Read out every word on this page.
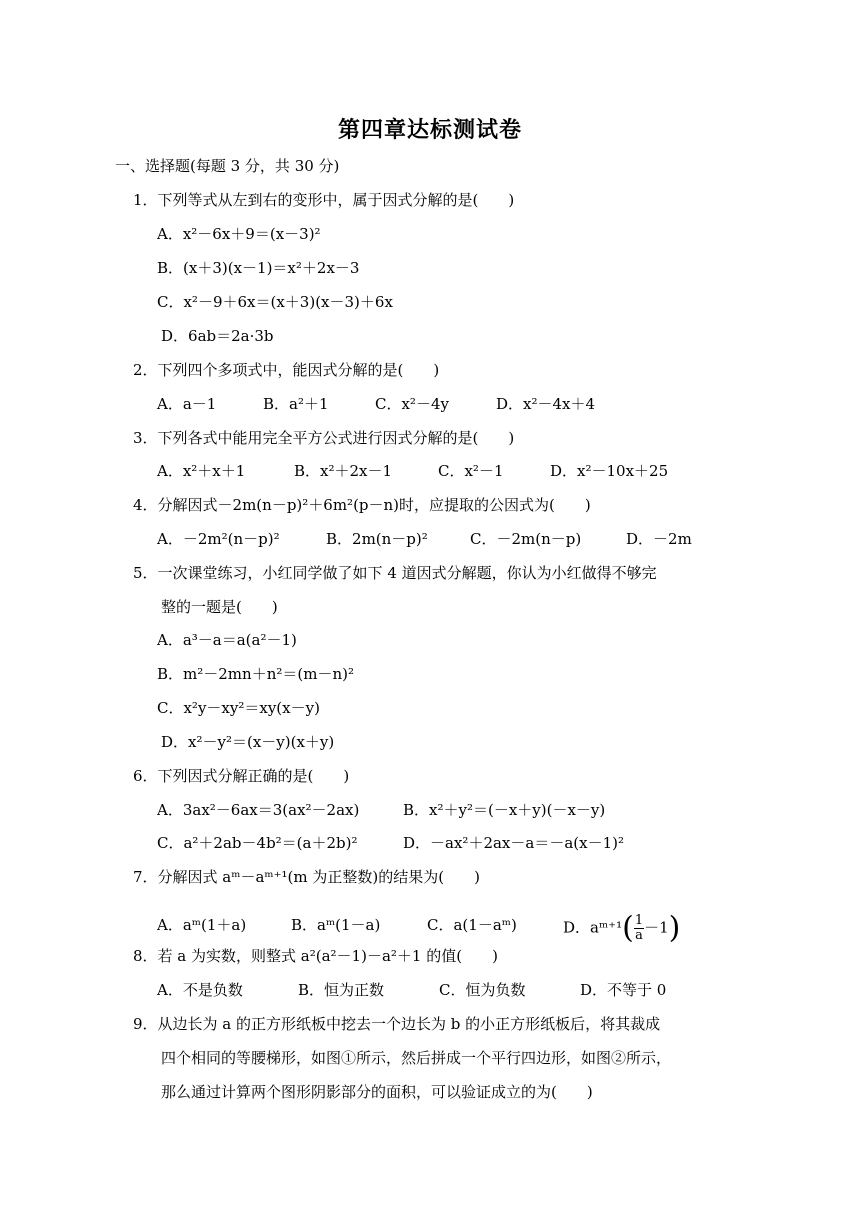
第四章达标测试卷
一、选择题(每题 3 分，共 30 分)
1．下列等式从左到右的变形中，属于因式分解的是(　　)
A．x²－6x＋9＝(x－3)²
B．(x＋3)(x－1)＝x²＋2x－3
C．x²－9＋6x＝(x＋3)(x－3)＋6x
D．6ab＝2a·3b
2．下列四个多项式中，能因式分解的是(　　)
A．a－1	B．a²＋1	C．x²－4y	D．x²－4x＋4
3．下列各式中能用完全平方公式进行因式分解的是(　　)
A．x²＋x＋1	B．x²＋2x－1	C．x²－1	D．x²－10x＋25
4．分解因式－2m(n－p)²＋6m²(p－n)时，应提取的公因式为(　　)
A．－2m²(n－p)²	B．2m(n－p)²	C．－2m(n－p)	D．－2m
5．一次课堂练习，小红同学做了如下 4 道因式分解题，你认为小红做得不够完
整的一题是(　　)
A．a³－a＝a(a²－1)
B．m²－2mn＋n²＝(m－n)²
C．x²y－xy²＝xy(x－y)
D．x²－y²＝(x－y)(x＋y)
6．下列因式分解正确的是(　　)
A．3ax²－6ax＝3(ax²－2ax)	B．x²＋y²＝(－x＋y)(－x－y)
C．a²＋2ab－4b²＝(a＋2b)²	D．－ax²＋2ax－a＝－a(x－1)²
7．分解因式 aᵐ－aᵐ⁺¹(m 为正整数)的结果为(　　)
A．aᵐ(1＋a)	B．aᵐ(1－a)	C．a(1－aᵐ)	D．aᵐ⁺¹( $\frac{1}{a} -1$)
8．若 a 为实数，则整式 a²(a²－1)－a²＋1 的值(　　)
A．不是负数	B．恒为正数	C．恒为负数	D．不等于 0
9．从边长为 a 的正方形纸板中挖去一个边长为 b 的小正方形纸板后，将其裁成
四个相同的等腰梯形，如图①所示，然后拼成一个平行四边形，如图②所示，
那么通过计算两个图形阴影部分的面积，可以验证成立的为(　　)
